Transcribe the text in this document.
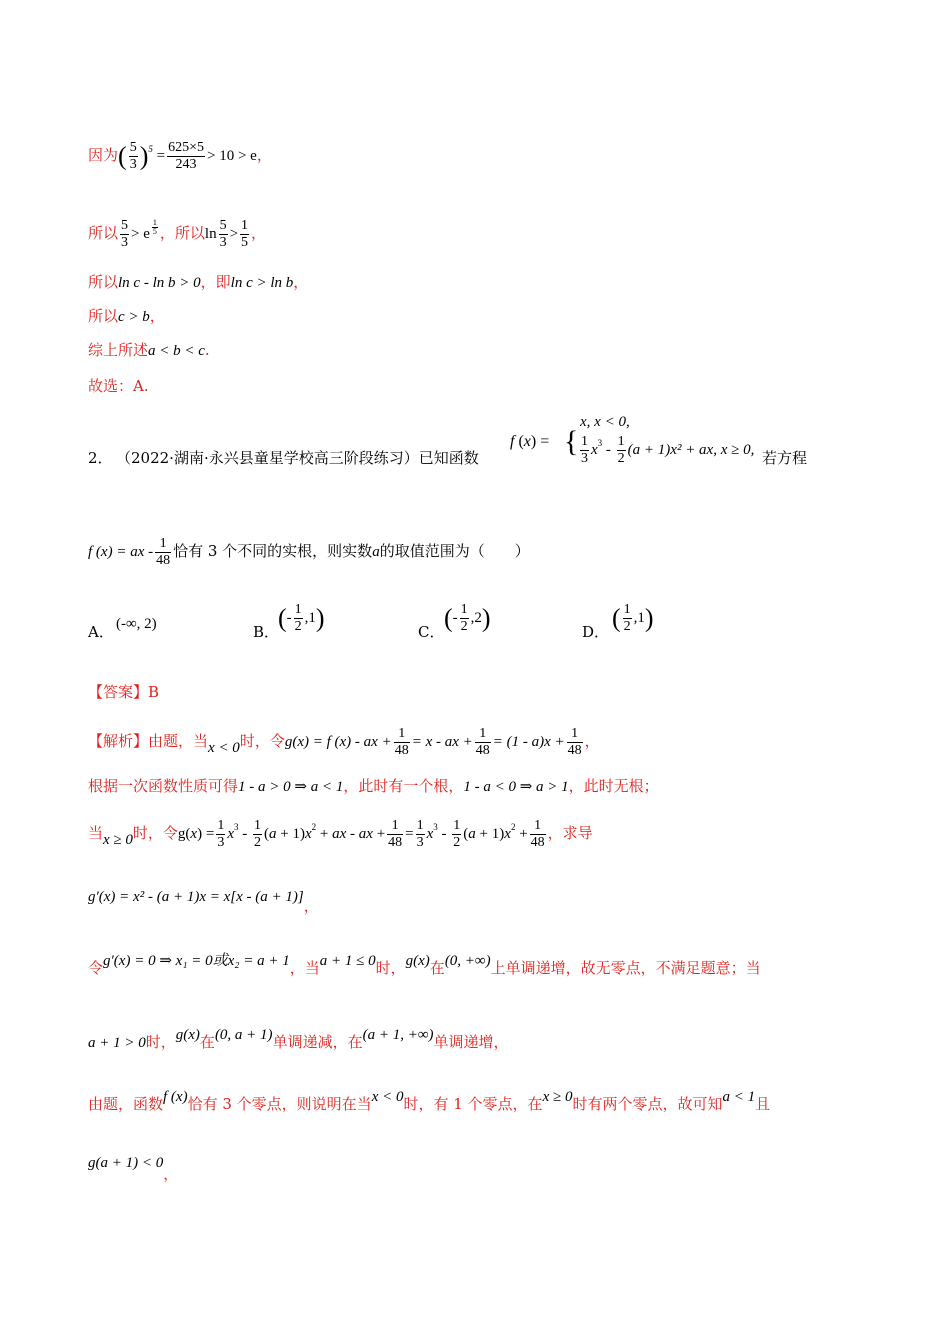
因为( $\frac{5}{3} )^5 = \frac{625\times 5}{243} > 10 > e$，
所以 $\frac{5}{3} > e$ $^{\frac{1}{5}}$ ，所以$\ln \frac{5}{3} > \frac{1}{5}$ ，
所以ln c - ln b > 0，即ln c > ln b，
所以c > b，
综上所述a < b < c.
故选：A.
2． （2022·湖南·永兴县童星学校高三阶段练习）已知函数
f (x) = {
x, x < 0,
$\frac{1}{3} x^3 - \frac{1}{2} (a + 1)x^2$ + ax, x ≥ 0, 若方程
f (x) = ax - $\frac{1}{48}$ 恰有 3 个不同的实根，则实数a的取值范围为（　　）
A． (-∞, 2)	B．
(- $\frac{1}{2} ,1$)	C． (- $\frac{1}{2} ,2$)	D． ( $\frac{1}{2} ,1$)
【答案】B
【解析】由题，当x < 0时，令g(x) = f (x) - ax + $\frac{1}{48} = x$ - ax + $\frac{1}{48} = (1 - a)x + \frac{1}{48}$ ，
根据一次函数性质可得1 - a > 0 ⇒ a < 1，此时有一个根，1 - a < 0 ⇒ a > 1，此时无根；
当x ≥ 0时，令$g(x) = \frac{1}{3} x^3 - \frac{1}{2} (a + 1)x^2$ + ax - ax + $\frac{1}{48} = \frac{1}{3} x^3 - \frac{1}{2} (a + 1)x^2 + \frac{1}{48}$ ，求导
g′(x) = x² - (a + 1)x = x[x - (a + 1)]，
令g′(x) = 0 ⇒ x₁ = 0或x₂ = a + 1，当a + 1 ≤ 0时，g(x)在(0, +∞)上单调递增，故无零点，不满足题意；当
a + 1 > 0时，g(x)在(0, a + 1)单调递减，在(a + 1, +∞)单调递增，
由题，函数f (x)恰有 3 个零点，则说明在当x < 0时，有 1 个零点，在x ≥ 0时有两个零点，故可知a < 1且
g(a + 1) < 0，
